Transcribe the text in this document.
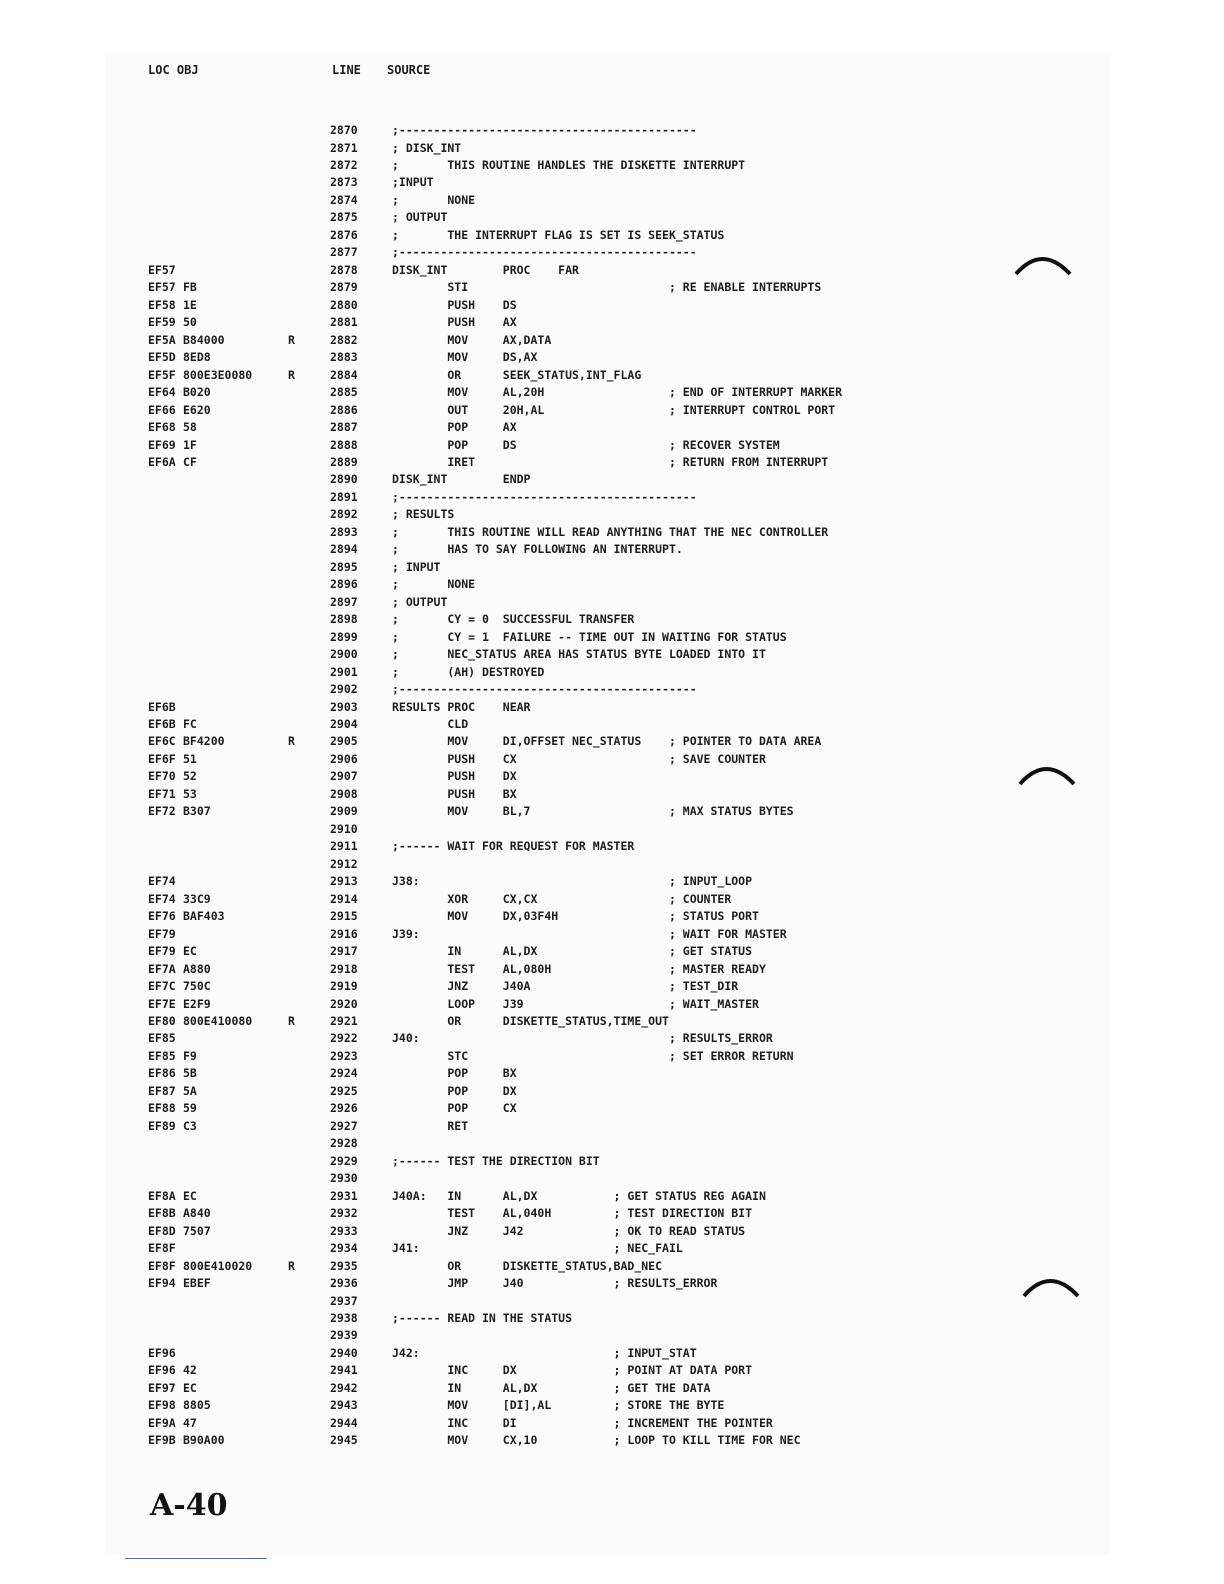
LOC OBJ	LINE SOURCE
2870	;-------------------------------------------
2871	; DISK_INT
2872	;       THIS ROUTINE HANDLES THE DISKETTE INTERRUPT
2873	;INPUT
2874	;       NONE
2875	; OUTPUT
2876	;       THE INTERRUPT FLAG IS SET IS SEEK_STATUS
2877	;-------------------------------------------
EF57	2878	DISK_INT        PROC    FAR
EF57 FB	2879	STI                             ; RE ENABLE INTERRUPTS
EF58 1E	2880	PUSH    DS
EF59 50	2881	PUSH    AX
EF5A B84000	R	2882	MOV     AX,DATA
EF5D 8ED8	2883	MOV     DS,AX
EF5F 800E3E0080	R	2884	OR      SEEK_STATUS,INT_FLAG
EF64 B020	2885	MOV     AL,20H                  ; END OF INTERRUPT MARKER
EF66 E620	2886	OUT     20H,AL                  ; INTERRUPT CONTROL PORT
EF68 58	2887	POP     AX
EF69 1F	2888	POP     DS                      ; RECOVER SYSTEM
EF6A CF	2889	IRET                            ; RETURN FROM INTERRUPT
2890	DISK_INT        ENDP
2891	;-------------------------------------------
2892	; RESULTS
2893	;       THIS ROUTINE WILL READ ANYTHING THAT THE NEC CONTROLLER
2894	;       HAS TO SAY FOLLOWING AN INTERRUPT.
2895	; INPUT
2896	;       NONE
2897	; OUTPUT
2898	;       CY = 0  SUCCESSFUL TRANSFER
2899	;       CY = 1  FAILURE -- TIME OUT IN WAITING FOR STATUS
2900	;       NEC_STATUS AREA HAS STATUS BYTE LOADED INTO IT
2901	;       (AH) DESTROYED
2902	;-------------------------------------------
EF6B	2903	RESULTS PROC    NEAR
EF6B FC	2904	CLD
EF6C BF4200	R	2905	MOV     DI,OFFSET NEC_STATUS    ; POINTER TO DATA AREA
EF6F 51	2906	PUSH    CX                      ; SAVE COUNTER
EF70 52	2907	PUSH    DX
EF71 53	2908	PUSH    BX
EF72 B307	2909	MOV     BL,7                    ; MAX STATUS BYTES
2910
2911	;------ WAIT FOR REQUEST FOR MASTER
2912
EF74	2913	J38:                                    ; INPUT_LOOP
EF74 33C9	2914	XOR     CX,CX                   ; COUNTER
EF76 BAF403	2915	MOV     DX,03F4H                ; STATUS PORT
EF79	2916	J39:                                    ; WAIT FOR MASTER
EF79 EC	2917	IN      AL,DX                   ; GET STATUS
EF7A A880	2918	TEST    AL,080H                 ; MASTER READY
EF7C 750C	2919	JNZ     J40A                    ; TEST_DIR
EF7E E2F9	2920	LOOP    J39                     ; WAIT_MASTER
EF80 800E410080	R	2921	OR      DISKETTE_STATUS,TIME_OUT
EF85	2922	J40:                                    ; RESULTS_ERROR
EF85 F9	2923	STC                             ; SET ERROR RETURN
EF86 5B	2924	POP     BX
EF87 5A	2925	POP     DX
EF88 59	2926	POP     CX
EF89 C3	2927	RET
2928
2929	;------ TEST THE DIRECTION BIT
2930
EF8A EC	2931	J40A:   IN      AL,DX           ; GET STATUS REG AGAIN
EF8B A840	2932	TEST    AL,040H         ; TEST DIRECTION BIT
EF8D 7507	2933	JNZ     J42             ; OK TO READ STATUS
EF8F	2934	J41:                            ; NEC_FAIL
EF8F 800E410020	R	2935	OR      DISKETTE_STATUS,BAD_NEC
EF94 EBEF	2936	JMP     J40             ; RESULTS_ERROR
2937
2938	;------ READ IN THE STATUS
2939
EF96	2940	J42:                            ; INPUT_STAT
EF96 42	2941	INC     DX              ; POINT AT DATA PORT
EF97 EC	2942	IN      AL,DX           ; GET THE DATA
EF98 8805	2943	MOV     [DI],AL         ; STORE THE BYTE
EF9A 47	2944	INC     DI              ; INCREMENT THE POINTER
EF9B B90A00	2945	MOV     CX,10           ; LOOP TO KILL TIME FOR NEC
A-40
